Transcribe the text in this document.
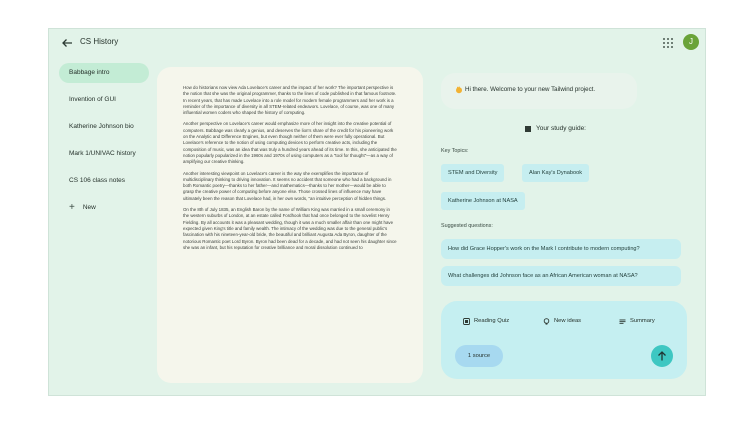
CS History	J
Babbage intro
Invention of GUI
Katherine Johnson bio
Mark 1/UNIVAC history
CS 106 class notes
+ New

How do historians now view Ada Lovelace's career and the impact of her work? The important perspective is the notion that she was the original programmer, thanks to the lines of code published in that famous footnote. In recent years, that has made Lovelace into a role model for modern female programmers and her work is a reminder of the importance of diversity in all STEM-related endeavors. Lovelace, of course, was one of many influential women coders who shaped the history of computing.

Another perspective on Lovelace's career would emphasize more of her insight into the creative potential of computers. Babbage was clearly a genius, and deserves the lion's share of the credit for his pioneering work on the Analytic and Difference Engines, but even though neither of them were ever fully operational. But Lovelace's reference to the notion of using computing devices to perform creative acts, including the composition of music, was an idea that was truly a hundred years ahead of its time. In this, she anticipated the notion popularly popularized in the 1960s and 1970s of using computers as a "tool for thought"—as a way of amplifying our creative thinking.

Another interesting viewpoint on Lovelace's career is the way she exemplifies the importance of multidisciplinary thinking to driving innovation. It seems no accident that someone who had a background in both Romantic poetry—thanks to her father—and mathematics—thanks to her mother—would be able to grasp the creative power of computing before anyone else. Those crossed lines of influence may have ultimately been the reason that Lovelace had, in her own words, "an intuitive perception of hidden things.

On the 8th of July 1835, an English Baron by the name of William King was married in a small ceremony in the western suburbs of London, at an estate called Fordhook that had once belonged to the novelist Henry Fielding. By all accounts it was a pleasant wedding, though it was a much smaller affair than one might have expected given King's title and family wealth. The intimacy of the wedding was due to the general public's fascination with his nineteen-year-old bride, the beautiful and brilliant Augusta Ada Byron, daughter of the notorious Romantic poet Lord Byron. Byron had been dead for a decade, and had not seen his daughter since she was an infant, but his reputation for creative brilliance and moral dissolution continued to

Hi there. Welcome to your new Tailwind project.
Your study guide:
Key Topics:
STEM and Diversity	Alan Kay's Dynabook
Katherine Johnson at NASA
Suggested questions:
How did Grace Hopper's work on the Mark I contribute to modern computing?
What challenges did Johnson face as an African American woman at NASA?
Reading Quiz	New ideas	Summary
1 source
